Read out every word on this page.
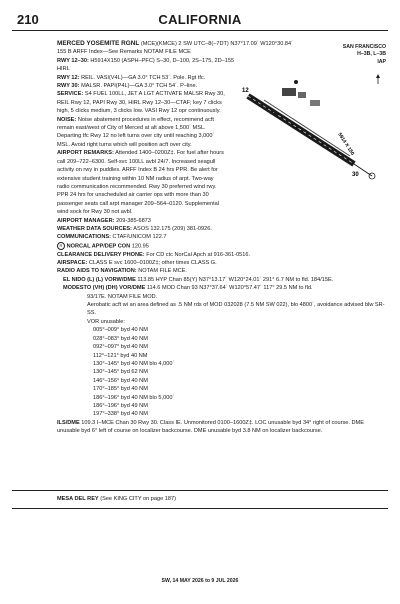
210	CALIFORNIA
SAN FRANCISCO
H–3B, L–3B
IAP
MERCED YOSEMITE RGNL (MCE)(KMCE) 2 SW UTC–8(–7DT) N37°17.09´ W120°30.84´
155 B ARFF Index—See Remarks NOTAM FILE MCE
RWY 12–30: H5914X150 (ASPH–PFC) S–30, D–100, 2S–175, 2D–155
HIRL
RWY 12: REIL. VASI(V4L)—GA 3.0° TCH 53´. Pole. Rgt tfc.
RWY 30: MALSR. PAPI(P4L)—GA 3.0° TCH 54´. P–line.
SERVICE: S4 FUEL 100LL, JET A LGT ACTIVATE MALSR Rwy 30, REIL Rwy 12, PAPI Rwy 30, HIRL Rwy 12–30—CTAF; key 7 clicks high, 5 clicks medium, 3 clicks low. VASI Rwy 12 opr continuously.
NOISE: Noise abatement procedures in effect, recommend acft remain east/west of City of Merced at alt above 1,500´ MSL. Departing tfc Rwy 12 no left turns over city until reaching 3,000´ MSL. Avoid right turns which will position acft over city.
AIRPORT REMARKS: Attended 1400–0200Z‡. For fuel after hours call 209–722–6300. Self-svc 100LL avbl 24/7. Increased seagull activity on rwy in puddles. ARFF Index B 24 hrs PPR. Be alert for extensive student training within 10 NM radius of arpt. Two-way radio communication recommended. Rwy 30 preferred wind rwy. PPR 24 hrs for unscheduled air carrier ops with more than 30 passenger seats call arpt manager 209–564–0120. Supplemental wind sock for Rwy 30 not avbl.
AIRPORT MANAGER: 209-385-6873
WEATHER DATA SOURCES: ASOS 132.175 (209) 381-0926.
COMMUNICATIONS: CTAF/UNICOM 122.7
R NORCAL APP/DEP CON 120.95
CLEARANCE DELIVERY PHONE: For CD ctc NorCal Apch at 916-361-0516.
AIRSPACE: CLASS E svc 1600–0100Z‡; other times CLASS G.
RADIO AIDS TO NAVIGATION: NOTAM FILE MCE.
EL NIDO (L) (L) VORW/DME 113.85 HYP Chan 85(Y) N37°13.17´ W120°24.01´ 291° 6.7 NM to fld. 184/15E.
MODESTO (VH) (DH) VOR/DME 114.6 MOD Chan 93 N37°37.64´ W120°57.47´ 117° 29.5 NM to fld.
93/17E. NOTAM FILE MOD.
Aerobatic acft wi an area defined as .5 NM rds of MOD 032028 (7.5 NM SW 022), blo 4800´, avoidance advised blw SR-SS.
VOR unusable:
005°–009° byd 40 NM
028°–083° byd 40 NM
092°–097° byd 40 NM
112°–121° byd 40 NM
130°–145° byd 40 NM blo 4,000´
130°–145° byd 62 NM
146°–156° byd 40 NM
170°–185° byd 40 NM
186°–196° byd 40 NM blo 5,000´
186°–196° byd 49 NM
197°–338° byd 40 NM
ILS/DME 109.3 I–MCE Chan 30 Rwy 30. Class IE. Unmonitored 0100–1600Z‡. LOC unusable byd 34° right of course. DME unusable byd 6° left of course on localizer backcourse. DME unusable byd 3.8 NM on localizer backcourse.
12
30
5914 X 150
MESA DEL REY (See KING CITY on page 187)
SW, 14 MAY 2026 to 9 JUL 2026
